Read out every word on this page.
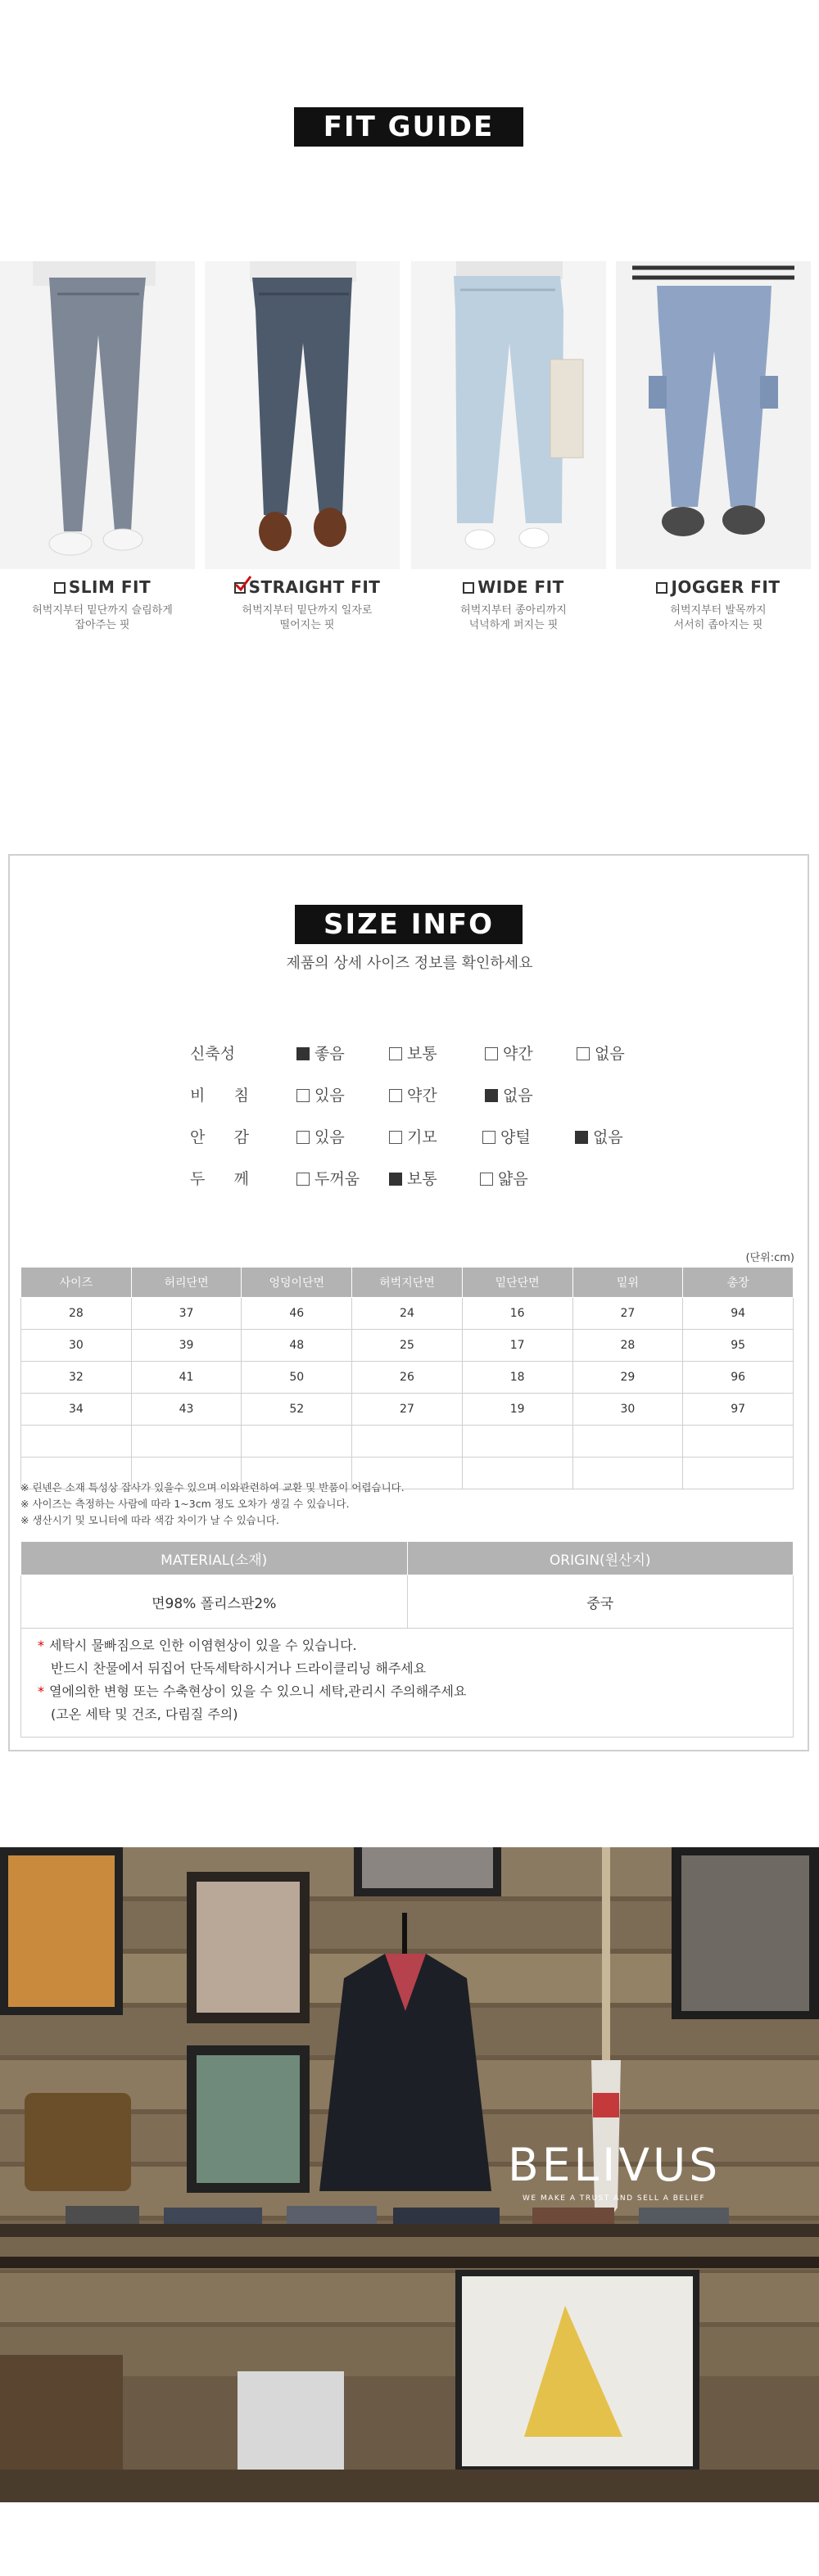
FIT GUIDE
SLIM FIT	STRAIGHT FIT	WIDE FIT	JOGGER FIT
허벅지부터 밑단까지 슬림하게
잡아주는 핏
허벅지부터 밑단까지 일자로
떨어지는 핏
허벅지부터 종아리까지
넉넉하게 퍼지는 핏
허벅지부터 발목까지
서서히 좁아지는 핏
SIZE INFO
제품의 상세 사이즈 정보를 확인하세요
신축성	좋음	보통	약간	없음
비 침	있음	약간	없음
안 감	있음	기모	양털	없음
두 께	두꺼움	보통	얇음
(단위:cm)
사이즈	허리단면	엉덩이단면	허벅지단면	밑단단면	밑위	총장
28	37	46	24	16	27	94
30	39	48	25	17	28	95
32	41	50	26	18	29	96
34	43	52	27	19	30	97

※ 린넨은 소재 특성상 잡사가 있을수 있으며 이와관련하여 교환 및 반품이 어렵습니다.
※ 사이즈는 측정하는 사람에 따라 1~3cm 정도 오차가 생길 수 있습니다.
※ 생산시기 및 모니터에 따라 색감 차이가 날 수 있습니다.
MATERIAL(소재)	ORIGIN(원산지)
면98% 폴리스판2%	중국
* 세탁시 물빠짐으로 인한 이염현상이 있을 수 있습니다.
반드시 찬물에서 뒤집어 단독세탁하시거나 드라이클리닝 해주세요
* 열에의한 변형 또는 수축현상이 있을 수 있으니 세탁,관리시 주의해주세요
(고온 세탁 및 건조, 다림질 주의)
BELIVUS
WE MAKE A TRUST AND SELL A BELIEF
